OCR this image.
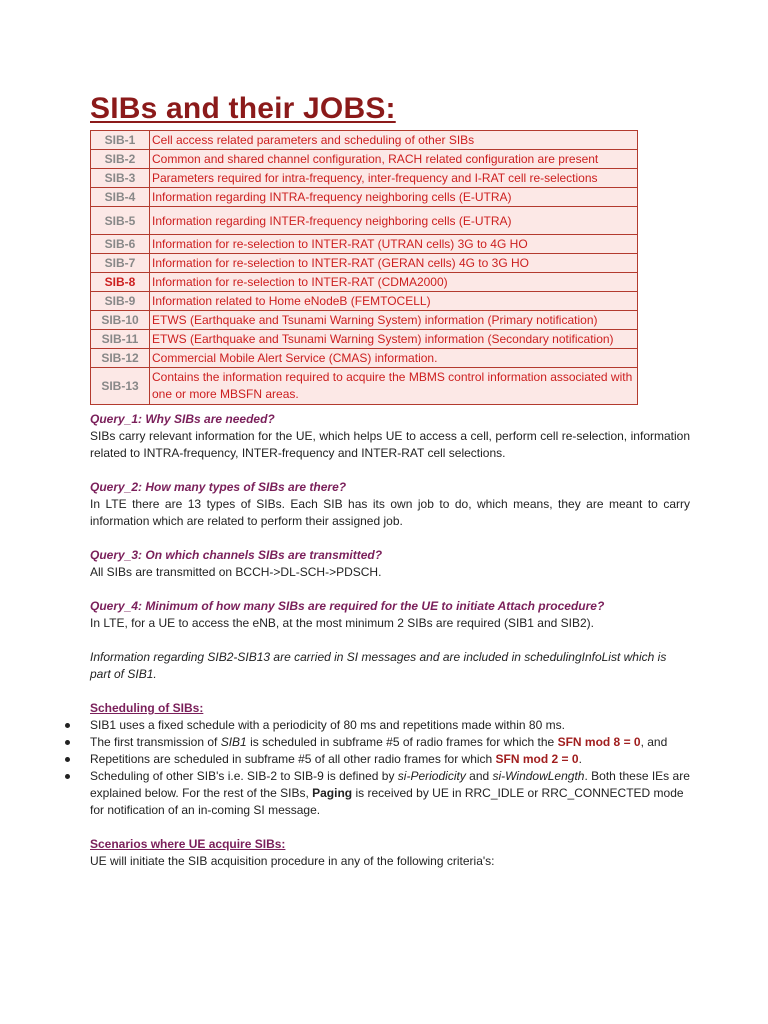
SIBs and their JOBS:
SIB-1	Cell access related parameters and scheduling of other SIBs
SIB-2	Common and shared channel configuration, RACH related configuration are present
SIB-3	Parameters required for intra-frequency, inter-frequency and I-RAT cell re-selections
SIB-4	Information regarding INTRA-frequency neighboring cells (E-UTRA)
SIB-5	Information regarding INTER-frequency neighboring cells (E-UTRA)
SIB-6	Information for re-selection to INTER-RAT (UTRAN cells) 3G to 4G HO
SIB-7	Information for re-selection to INTER-RAT (GERAN cells) 4G to 3G HO
SIB-8	Information for re-selection to INTER-RAT (CDMA2000)
SIB-9	Information related to Home eNodeB (FEMTOCELL)
SIB-10	ETWS (Earthquake and Tsunami Warning System) information (Primary notification)
SIB-11	ETWS (Earthquake and Tsunami Warning System) information (Secondary notification)
SIB-12	Commercial Mobile Alert Service (CMAS) information.
SIB-13	Contains the information required to acquire the MBMS control information associated with one or more MBSFN areas.

Query_1: Why SIBs are needed?

SIBs carry relevant information for the UE, which helps UE to access a cell, perform cell re-selection, information related to INTRA-frequency, INTER-frequency and INTER-RAT cell selections.

Query_2: How many types of SIBs are there?

In LTE there are 13 types of SIBs. Each SIB has its own job to do, which means, they are meant to carry information which are related to perform their assigned job.

Query_3: On which channels SIBs are transmitted?

All SIBs are transmitted on BCCH->DL-SCH->PDSCH.

Query_4: Minimum of how many SIBs are required for the UE to initiate Attach procedure?

In LTE, for a UE to access the eNB, at the most minimum 2 SIBs are required (SIB1 and SIB2).

Information regarding SIB2-SIB13 are carried in SI messages and are included in schedulingInfoList which is part of SIB1.

Scheduling of SIBs:

SIB1 uses a fixed schedule with a periodicity of 80 ms and repetitions made within 80 ms.
The first transmission of SIB1 is scheduled in subframe #5 of radio frames for which the SFN mod 8 = 0, and
Repetitions are scheduled in subframe #5 of all other radio frames for which SFN mod 2 = 0.
Scheduling of other SIB's i.e. SIB-2 to SIB-9 is defined by si-Periodicity and si-WindowLength. Both these IEs are explained below. For the rest of the SIBs, Paging is received by UE in RRC_IDLE or RRC_CONNECTED mode for notification of an in-coming SI message.

Scenarios where UE acquire SIBs:

UE will initiate the SIB acquisition procedure in any of the following criteria's:
